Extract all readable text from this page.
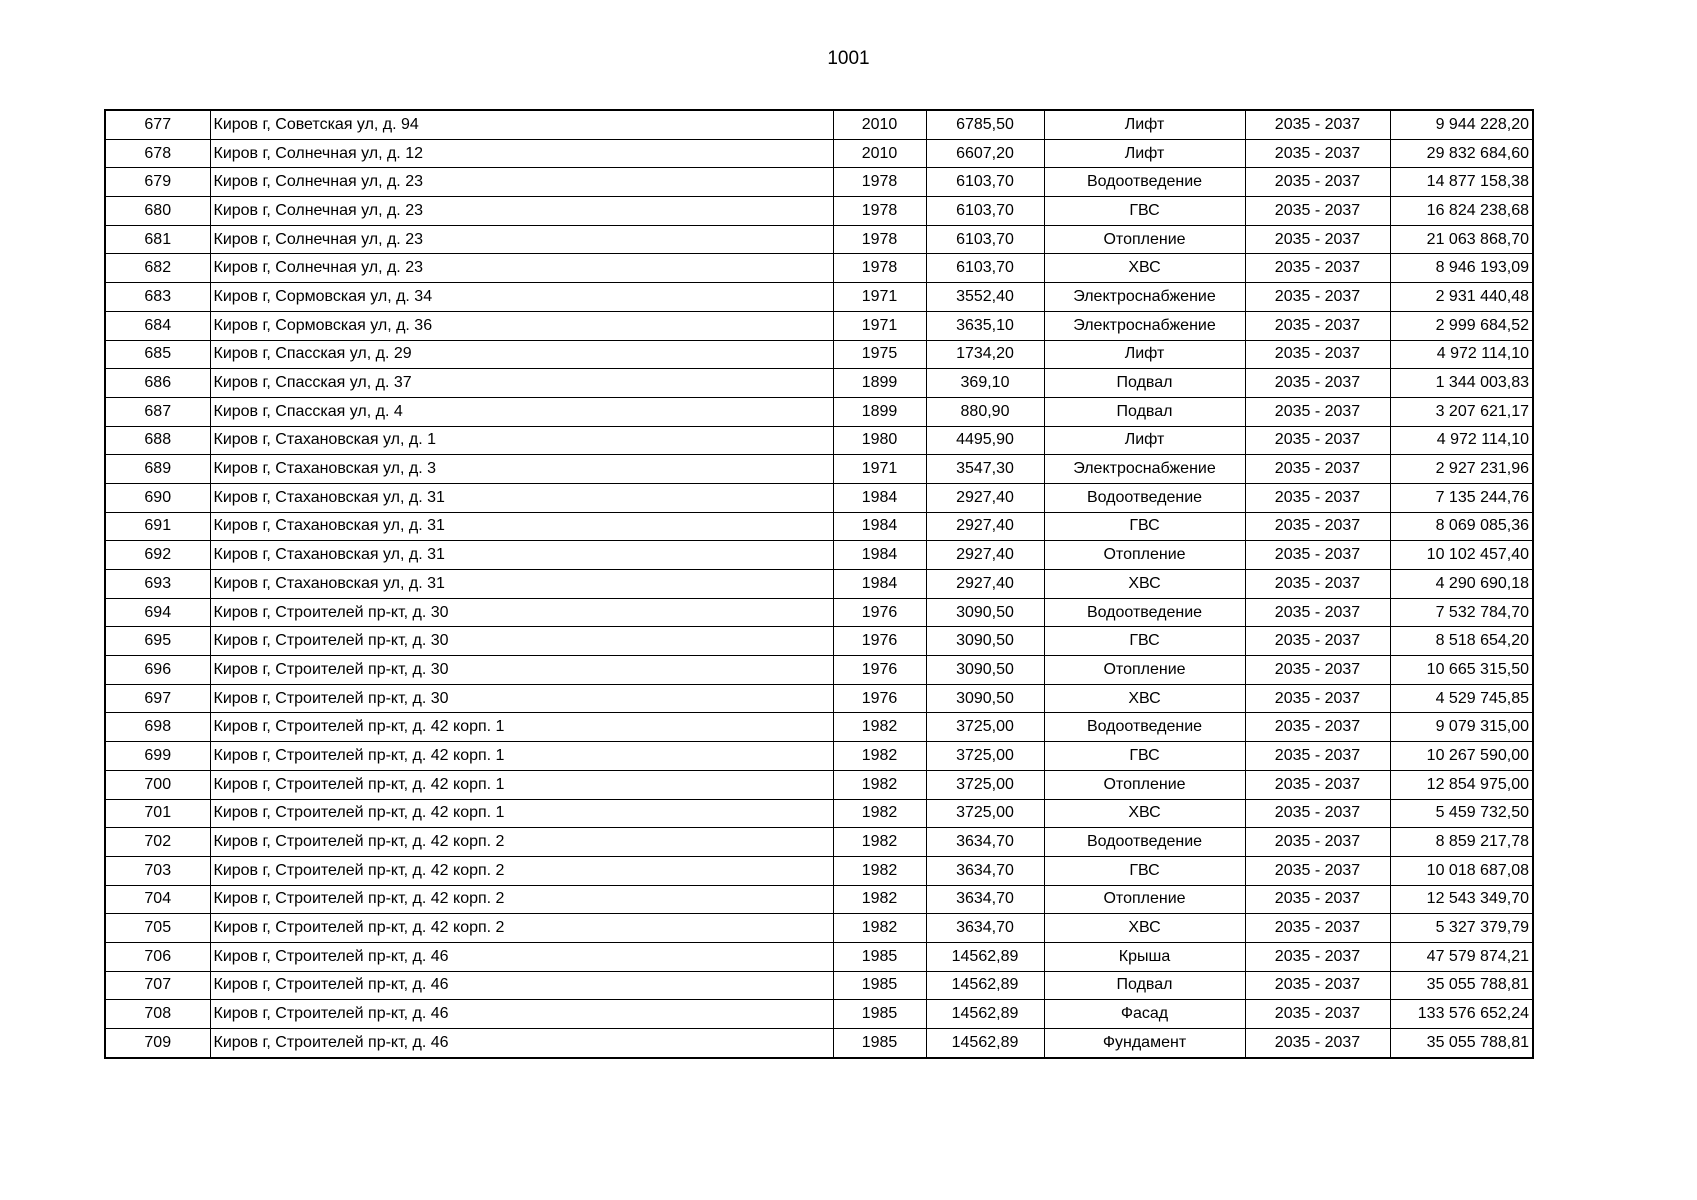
1001
677	Киров г, Советская ул, д. 94	2010	6785,50	Лифт	2035 - 2037	9 944 228,20
678	Киров г, Солнечная ул, д. 12	2010	6607,20	Лифт	2035 - 2037	29 832 684,60
679	Киров г, Солнечная ул, д. 23	1978	6103,70	Водоотведение	2035 - 2037	14 877 158,38
680	Киров г, Солнечная ул, д. 23	1978	6103,70	ГВС	2035 - 2037	16 824 238,68
681	Киров г, Солнечная ул, д. 23	1978	6103,70	Отопление	2035 - 2037	21 063 868,70
682	Киров г, Солнечная ул, д. 23	1978	6103,70	ХВС	2035 - 2037	8 946 193,09
683	Киров г, Сормовская ул, д. 34	1971	3552,40	Электроснабжение	2035 - 2037	2 931 440,48
684	Киров г, Сормовская ул, д. 36	1971	3635,10	Электроснабжение	2035 - 2037	2 999 684,52
685	Киров г, Спасская ул, д. 29	1975	1734,20	Лифт	2035 - 2037	4 972 114,10
686	Киров г, Спасская ул, д. 37	1899	369,10	Подвал	2035 - 2037	1 344 003,83
687	Киров г, Спасская ул, д. 4	1899	880,90	Подвал	2035 - 2037	3 207 621,17
688	Киров г, Стахановская ул, д. 1	1980	4495,90	Лифт	2035 - 2037	4 972 114,10
689	Киров г, Стахановская ул, д. 3	1971	3547,30	Электроснабжение	2035 - 2037	2 927 231,96
690	Киров г, Стахановская ул, д. 31	1984	2927,40	Водоотведение	2035 - 2037	7 135 244,76
691	Киров г, Стахановская ул, д. 31	1984	2927,40	ГВС	2035 - 2037	8 069 085,36
692	Киров г, Стахановская ул, д. 31	1984	2927,40	Отопление	2035 - 2037	10 102 457,40
693	Киров г, Стахановская ул, д. 31	1984	2927,40	ХВС	2035 - 2037	4 290 690,18
694	Киров г, Строителей пр-кт, д. 30	1976	3090,50	Водоотведение	2035 - 2037	7 532 784,70
695	Киров г, Строителей пр-кт, д. 30	1976	3090,50	ГВС	2035 - 2037	8 518 654,20
696	Киров г, Строителей пр-кт, д. 30	1976	3090,50	Отопление	2035 - 2037	10 665 315,50
697	Киров г, Строителей пр-кт, д. 30	1976	3090,50	ХВС	2035 - 2037	4 529 745,85
698	Киров г, Строителей пр-кт, д. 42 корп. 1	1982	3725,00	Водоотведение	2035 - 2037	9 079 315,00
699	Киров г, Строителей пр-кт, д. 42 корп. 1	1982	3725,00	ГВС	2035 - 2037	10 267 590,00
700	Киров г, Строителей пр-кт, д. 42 корп. 1	1982	3725,00	Отопление	2035 - 2037	12 854 975,00
701	Киров г, Строителей пр-кт, д. 42 корп. 1	1982	3725,00	ХВС	2035 - 2037	5 459 732,50
702	Киров г, Строителей пр-кт, д. 42 корп. 2	1982	3634,70	Водоотведение	2035 - 2037	8 859 217,78
703	Киров г, Строителей пр-кт, д. 42 корп. 2	1982	3634,70	ГВС	2035 - 2037	10 018 687,08
704	Киров г, Строителей пр-кт, д. 42 корп. 2	1982	3634,70	Отопление	2035 - 2037	12 543 349,70
705	Киров г, Строителей пр-кт, д. 42 корп. 2	1982	3634,70	ХВС	2035 - 2037	5 327 379,79
706	Киров г, Строителей пр-кт, д. 46	1985	14562,89	Крыша	2035 - 2037	47 579 874,21
707	Киров г, Строителей пр-кт, д. 46	1985	14562,89	Подвал	2035 - 2037	35 055 788,81
708	Киров г, Строителей пр-кт, д. 46	1985	14562,89	Фасад	2035 - 2037	133 576 652,24
709	Киров г, Строителей пр-кт, д. 46	1985	14562,89	Фундамент	2035 - 2037	35 055 788,81
